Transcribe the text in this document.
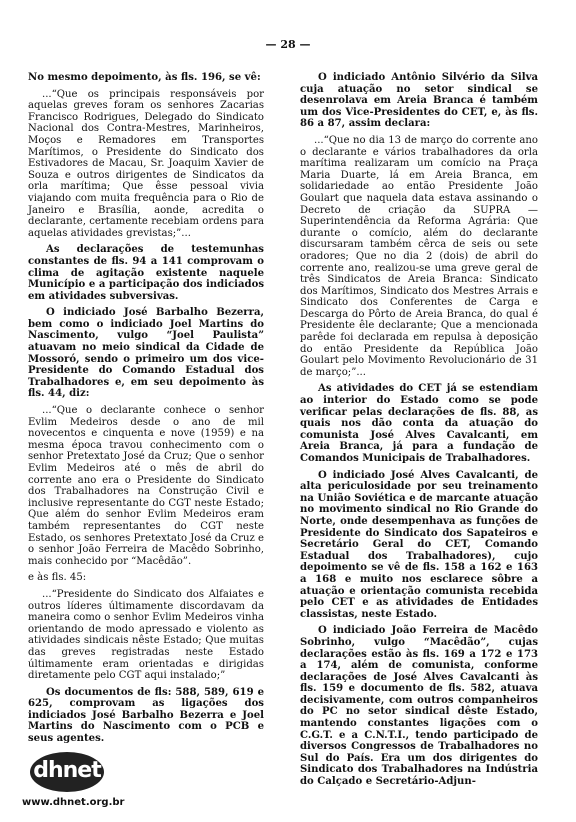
— 28 —

No mesmo depoimento, às fls. 196, se vê:

...“Que os principais responsáveis por aquelas greves foram os senhores Zacarias Francisco Rodrigues, Delegado do Sindicato Nacional dos Contra-Mestres, Marinheiros, Moços e Remadores em Transportes Marítimos, o Presidente do Sindicato dos Estivadores de Macau, Sr. Joaquim Xavier de Souza e outros dirigentes de Sindicatos da orla marítima; Que êsse pessoal vivia viajando com muita frequência para o Rio de Janeiro e Brasília, aonde, acredita o declarante, certamente recebiam ordens para aquelas atividades grevistas;”...

As declarações de testemunhas constantes de fls. 94 a 141 comprovam o clima de agitação existente naquele Município e a participação dos indiciados em atividades subversivas.

O indiciado José Barbalho Bezerra, bem como o indiciado Joel Martins do Nascimento, vulgo “Joel Paulista” atuavam no meio sindical da Cidade de Mossoró, sendo o primeiro um dos vice-Presidente do Comando Estadual dos Trabalhadores e, em seu depoimento às fls. 44, diz:

...“Que o declarante conhece o senhor Evlim Medeiros desde o ano de mil novecentos e cinquenta e nove (1959) e na mesma época travou conhecimento com o senhor Pretextato José da Cruz; Que o senhor Evlim Medeiros até o mês de abril do corrente ano era o Presidente do Sindicato dos Trabalhadores na Construção Civil e inclusive representante do CGT neste Estado; Que além do senhor Evlim Medeiros eram também representantes do CGT neste Estado, os senhores Pretextato José da Cruz e o senhor João Ferreira de Macêdo Sobrinho, mais conhecido por “Macêdão”.

e às fls. 45:

...“Presidente do Sindicato dos Alfaiates e outros líderes últimamente discordavam da maneira como o senhor Evlim Medeiros vinha orientando de modo apressado e violento as atividades sindicais nêste Estado; Que muitas das greves registradas neste Estado últimamente eram orientadas e dirigidas diretamente pelo CGT aqui instalado;”

Os documentos de fls: 588, 589, 619 e 625, comprovam as ligações dos indiciados José Barbalho Bezerra e Joel Martins do Nascimento com o PCB e seus agentes.

O indiciado Antônio Silvério da Silva cuja atuação no setor sindical se desenrolava em Areia Branca é também um dos Vice-Presidentes do CET, e, às fls. 86 a 87, assim declara:

...“Que no dia 13 de março do corrente ano o declarante e vários trabalhadores da orla marítima realizaram um comício na Praça Maria Duarte, lá em Areia Branca, em solidariedade ao então Presidente João Goulart que naquela data estava assinando o Decreto de criação da SUPRA — Superintendência da Reforma Agrária: Que durante o comício, além do declarante discursaram também cêrca de seis ou sete oradores; Que no dia 2 (dois) de abril do corrente ano, realizou-se uma greve geral de três Sindicatos de Areia Branca: Sindicato dos Marítimos, Sindicato dos Mestres Arrais e Sindicato dos Conferentes de Carga e Descarga do Pôrto de Areia Branca, do qual é Presidente êle declarante; Que a mencionada parêde foi declarada em repulsa à deposição do então Presidente da República João Goulart pelo Movimento Revolucionário de 31 de março;”...

As atividades do CET já se estendiam ao interior do Estado como se pode verificar pelas declarações de fls. 88, as quais nos dão conta da atuação do comunista José Alves Cavalcanti, em Areia Branca, já para a fundação de Comandos Municipais de Trabalhadores.

O indiciado José Alves Cavalcanti, de alta periculosidade por seu treinamento na União Soviética e de marcante atuação no movimento sindical no Rio Grande do Norte, onde desempenhava as funções de Presidente do Sindicato dos Sapateiros e Secretário Geral do CET, Comando Estadual dos Trabalhadores), cujo depoimento se vê de fls. 158 a 162 e 163 a 168 e muito nos esclarece sôbre a atuação e orientação comunista recebida pelo CET e as atividades de Entidades classistas, neste Estado.

O indiciado João Ferreira de Macêdo Sobrinho, vulgo “Macêdão”, cujas declarações estão às fls. 169 a 172 e 173 a 174, além de comunista, conforme declarações de José Alves Cavalcanti às fls. 159 e documento de fls. 582, atuava decisivamente, com outros companheiros do PC no setor sindical dêste Estado, mantendo constantes ligações com o C.G.T. e a C.N.T.I., tendo participado de diversos Congressos de Trabalhadores no Sul do País. Era um dos dirigentes do Sindicato dos Trabalhadores na Indústria do Calçado e Secretário-Adjun-

dhnet
www.dhnet.org.br
